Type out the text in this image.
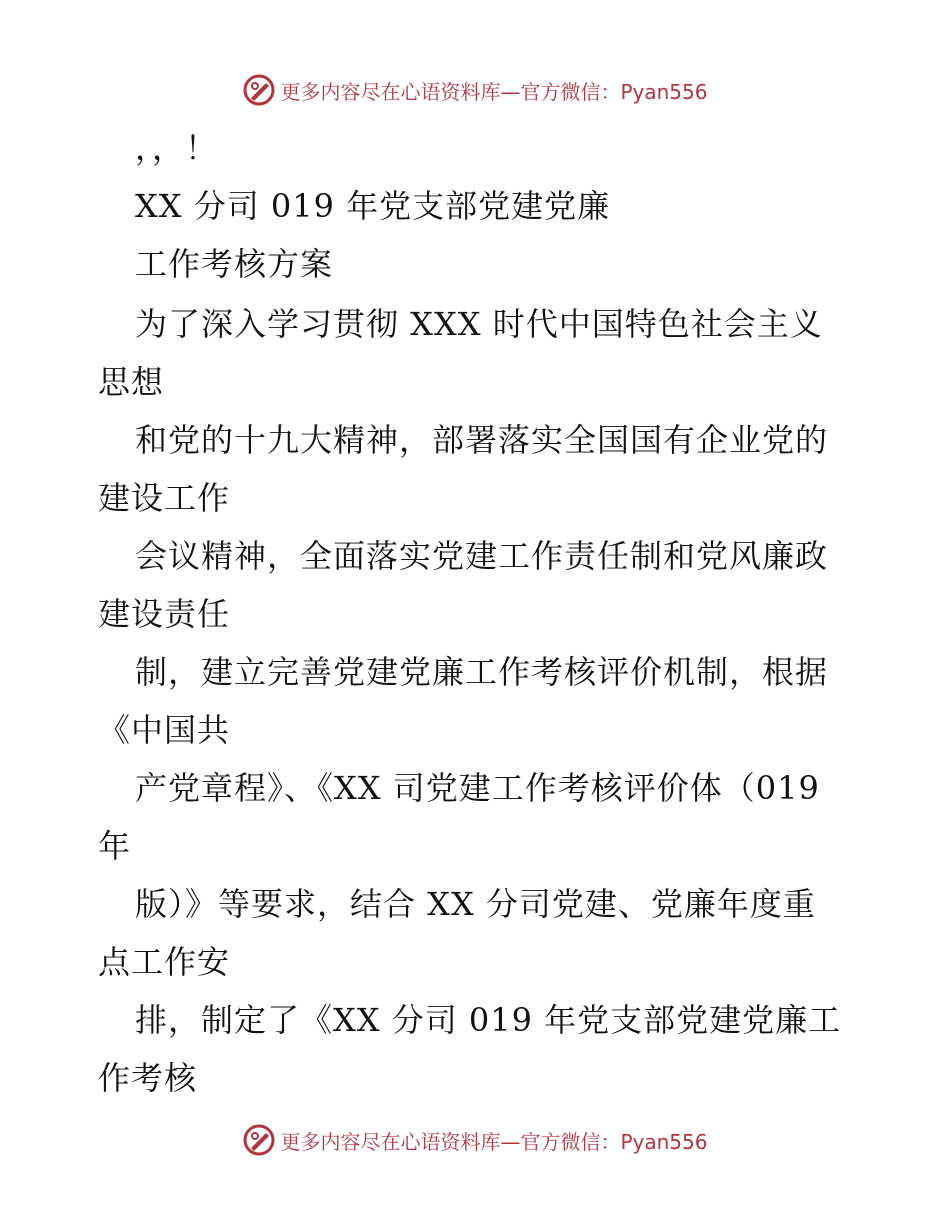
更多内容尽在心语资料库—官方微信：Pyan556
，，！
XX 分司 019 年党支部党建党廉
工作考核方案
为了深入学习贯彻 XXX 时代中国特色社会主义
思想
和党的十九大精神，部署落实全国国有企业党的
建设工作
会议精神，全面落实党建工作责任制和党风廉政
建设责任
制，建立完善党建党廉工作考核评价机制，根据
《中国共
产党章程》、《XX 司党建工作考核评价体（019
年
版）》等要求，结合 XX 分司党建、党廉年度重
点工作安
排，制定了《XX 分司 019 年党支部党建党廉工
作考核
更多内容尽在心语资料库—官方微信：Pyan556
